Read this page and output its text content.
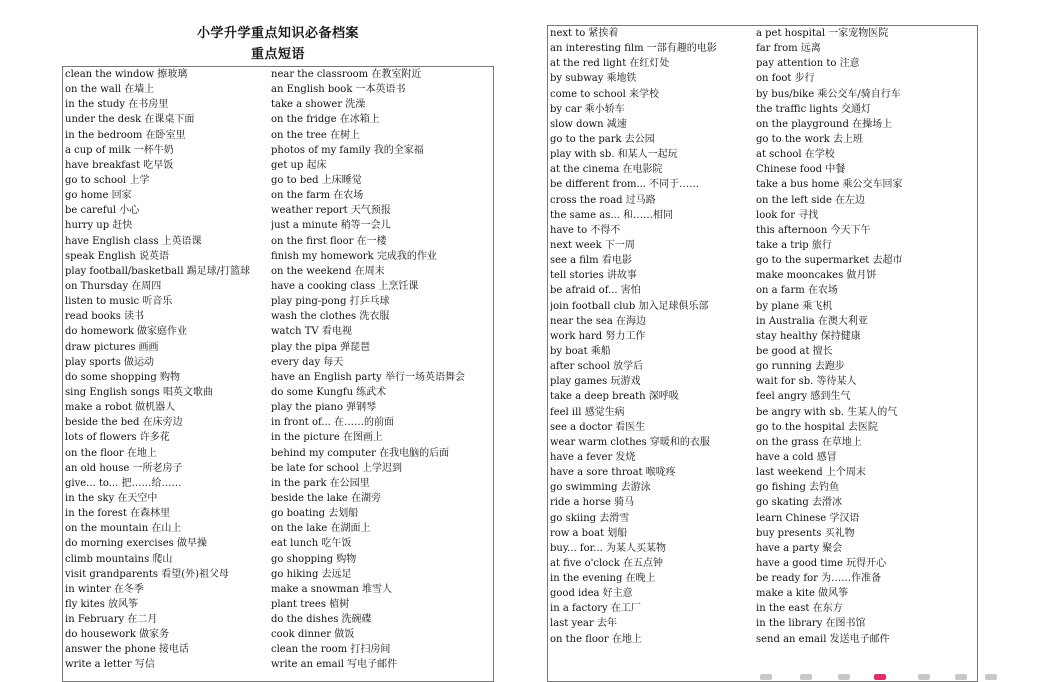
小学升学重点知识必备档案
重点短语
clean the window 擦玻璃
on the wall 在墙上
in the study 在书房里
under the desk 在课桌下面
in the bedroom 在卧室里
a cup of milk 一杯牛奶
have breakfast 吃早饭
go to school 上学
go home 回家
be careful 小心
hurry up 赶快
have English class 上英语课
speak English 说英语
play football/basketball 踢足球/打篮球
on Thursday 在周四
listen to music 听音乐
read books 读书
do homework 做家庭作业
draw pictures 画画
play sports 做运动
do some shopping 购物
sing English songs 唱英文歌曲
make a robot 做机器人
beside the bed 在床旁边
lots of flowers 许多花
on the floor 在地上
an old house 一所老房子
give... to... 把……给……
in the sky 在天空中
in the forest 在森林里
on the mountain 在山上
do morning exercises 做早操
climb mountains 爬山
visit grandparents 看望(外)祖父母
in winter 在冬季
fly kites 放风筝
in February 在二月
do housework 做家务
answer the phone 接电话
write a letter 写信
near the classroom 在教室附近
an English book 一本英语书
take a shower 洗澡
on the fridge 在冰箱上
on the tree 在树上
photos of my family 我的全家福
get up 起床
go to bed 上床睡觉
on the farm 在农场
weather report 天气预报
just a minute 稍等一会儿
on the first floor 在一楼
finish my homework 完成我的作业
on the weekend 在周末
have a cooking class 上烹饪课
play ping-pong 打乒乓球
wash the clothes 洗衣服
watch TV 看电视
play the pipa 弹琵琶
every day 每天
have an English party 举行一场英语舞会
do some Kungfu 练武术
play the piano 弹钢琴
in front of... 在……的前面
in the picture 在图画上
behind my computer 在我电脑的后面
be late for school 上学迟到
in the park 在公园里
beside the lake 在湖旁
go boating 去划船
on the lake 在湖面上
eat lunch 吃午饭
go shopping 购物
go hiking 去远足
make a snowman 堆雪人
plant trees 植树
do the dishes 洗碗碟
cook dinner 做饭
clean the room 打扫房间
write an email 写电子邮件
next to 紧挨着
an interesting film 一部有趣的电影
at the red light 在红灯处
by subway 乘地铁
come to school 来学校
by car 乘小轿车
slow down 减速
go to the park 去公园
play with sb. 和某人一起玩
at the cinema 在电影院
be different from... 不同于……
cross the road 过马路
the same as... 和……相同
have to 不得不
next week 下一周
see a film 看电影
tell stories 讲故事
be afraid of... 害怕
join football club 加入足球俱乐部
near the sea 在海边
work hard 努力工作
by boat 乘船
after school 放学后
play games 玩游戏
take a deep breath 深呼吸
feel ill 感觉生病
see a doctor 看医生
wear warm clothes 穿暖和的衣服
have a fever 发烧
have a sore throat 喉咙疼
go swimming 去游泳
ride a horse 骑马
go skiing 去滑雪
row a boat 划船
buy... for... 为某人买某物
at five o'clock 在五点钟
in the evening 在晚上
good idea 好主意
in a factory 在工厂
last year 去年
on the floor 在地上
a pet hospital 一家宠物医院
far from 远离
pay attention to 注意
on foot 步行
by bus/bike 乘公交车/骑自行车
the traffic lights 交通灯
on the playground 在操场上
go to the work 去上班
at school 在学校
Chinese food 中餐
take a bus home 乘公交车回家
on the left side 在左边
look for 寻找
this afternoon 今天下午
take a trip 旅行
go to the supermarket 去超市
make mooncakes 做月饼
on a farm 在农场
by plane 乘飞机
in Australia 在澳大利亚
stay healthy 保持健康
be good at 擅长
go running 去跑步
wait for sb. 等待某人
feel angry 感到生气
be angry with sb. 生某人的气
go to the hospital 去医院
on the grass 在草地上
have a cold 感冒
last weekend 上个周末
go fishing 去钓鱼
go skating 去滑冰
learn Chinese 学汉语
buy presents 买礼物
have a party 聚会
have a good time 玩得开心
be ready for 为……作准备
make a kite 做风筝
in the east 在东方
in the library 在图书馆
send an email 发送电子邮件
